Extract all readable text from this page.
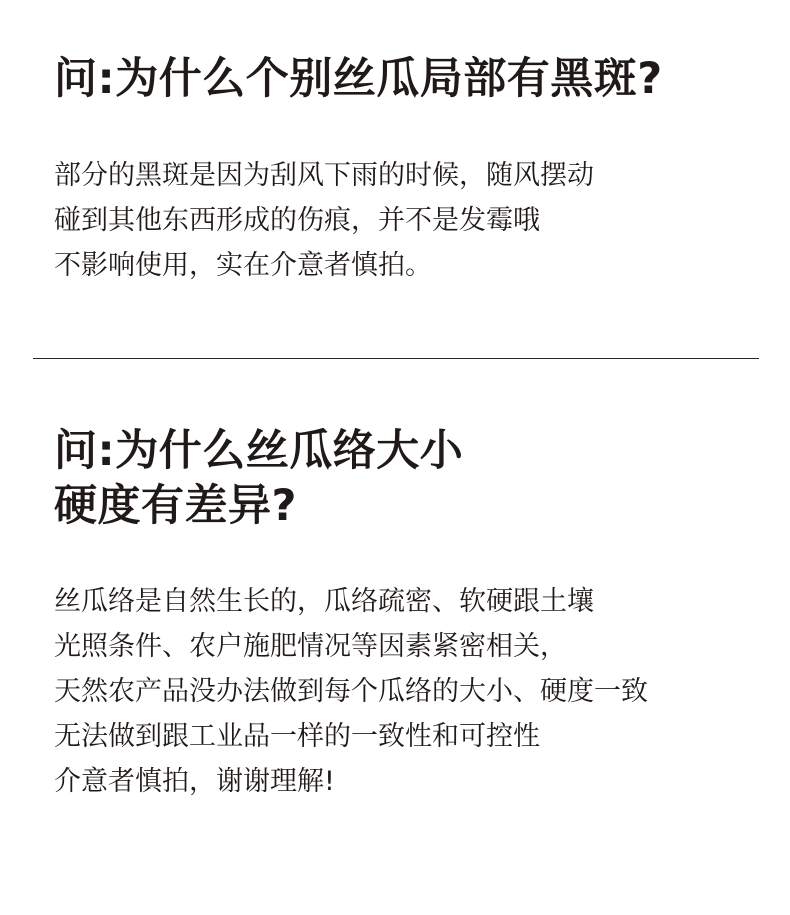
问:为什么个别丝瓜局部有黑斑?
部分的黑斑是因为刮风下雨的时候，随风摆动
碰到其他东西形成的伤痕，并不是发霉哦
不影响使用，实在介意者慎拍。
问:为什么丝瓜络大小
硬度有差异?
丝瓜络是自然生长的，瓜络疏密、软硬跟土壤
光照条件、农户施肥情况等因素紧密相关，
天然农产品没办法做到每个瓜络的大小、硬度一致
无法做到跟工业品一样的一致性和可控性
介意者慎拍，谢谢理解!
